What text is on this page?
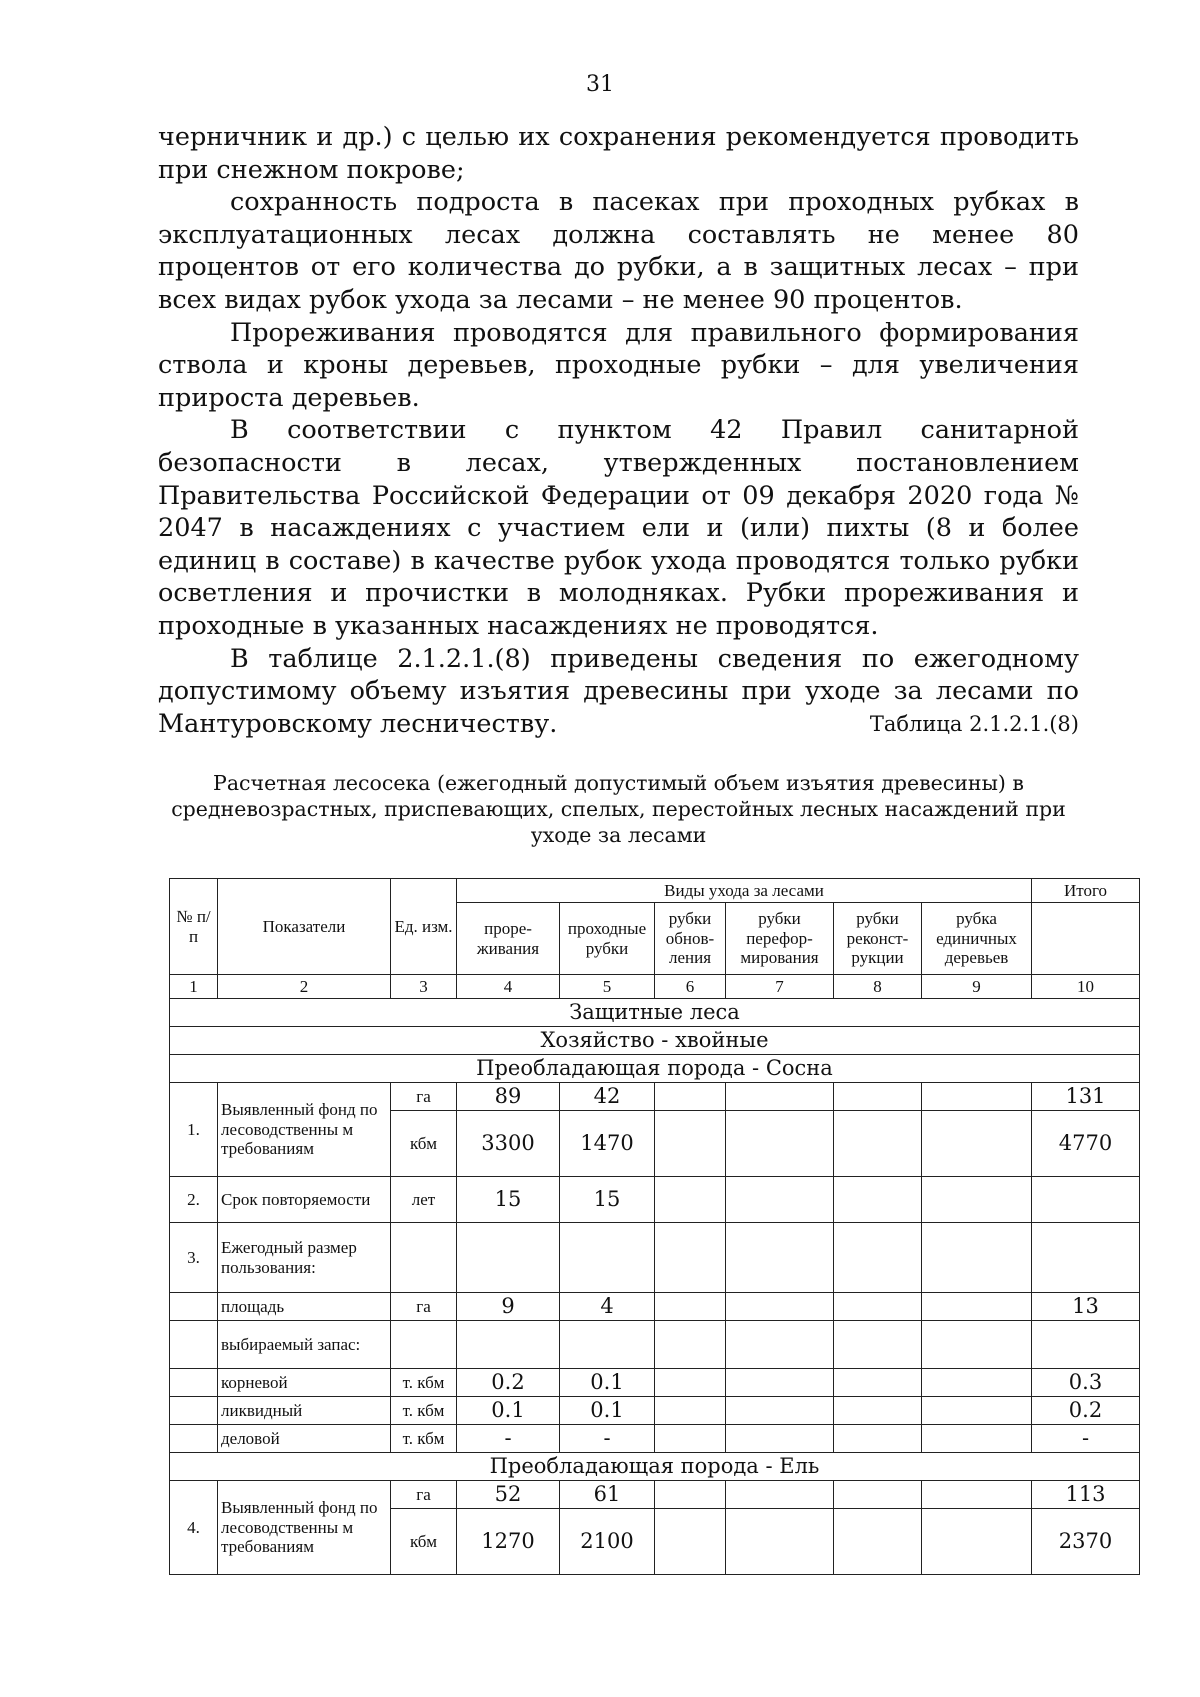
31

черничник и др.) с целью их сохранения рекомендуется проводить при снежном покрове;

сохранность подроста в пасеках при проходных рубках в эксплуатационных лесах должна составлять не менее 80 процентов от его количества до рубки, а в защитных лесах – при всех видах рубок ухода за лесами – не менее 90 процентов.

Прореживания проводятся для правильного формирования ствола и кроны деревьев, проходные рубки – для увеличения прироста деревьев.

В соответствии с пунктом 42 Правил санитарной безопасности в лесах, утвержденных постановлением Правительства Российской Федерации от 09 декабря 2020 года № 2047 в насаждениях с участием ели и (или) пихты (8 и более единиц в составе) в качестве рубок ухода проводятся только рубки осветления и прочистки в молодняках. Рубки прореживания и проходные в указанных насаждениях не проводятся.

В таблице 2.1.2.1.(8) приведены сведения по ежегодному допустимому объему изъятия древесины при уходе за лесами по Мантуровскому лесничеству.	Таблица 2.1.2.1.(8)
Расчетная лесосека (ежегодный допустимый объем изъятия древесины) в средневозрастных, приспевающих, спелых, перестойных лесных насаждений при уходе за лесами
№ п/п	Показатели	Ед. изм.	Виды ухода за лесами						Итого
			проре-живания	проходные рубки	рубки обнов-ления	рубки перефор-мирования	рубки реконст-рукции	рубка единичных деревьев	
1	2	3	4	5	6	7	8	9	10
Защитные леса									
Хозяйство - хвойные									
Преобладающая порода - Сосна									
1.	Выявленный фонд по лесоводственны м требованиям	га	89	42					131
		кбм	3300	1470					4770
2.	Срок повторяемости	лет	15	15					
3.	Ежегодный размер пользования:								
	площадь	га	9	4					13
	выбираемый запас:								
	корневой	т. кбм	0.2	0.1					0.3
	ликвидный	т. кбм	0.1	0.1					0.2
	деловой	т. кбм	-	-					-
Преобладающая порода - Ель									
4.	Выявленный фонд по лесоводственны м требованиям	га	52	61					113
		кбм	1270	2100					2370
